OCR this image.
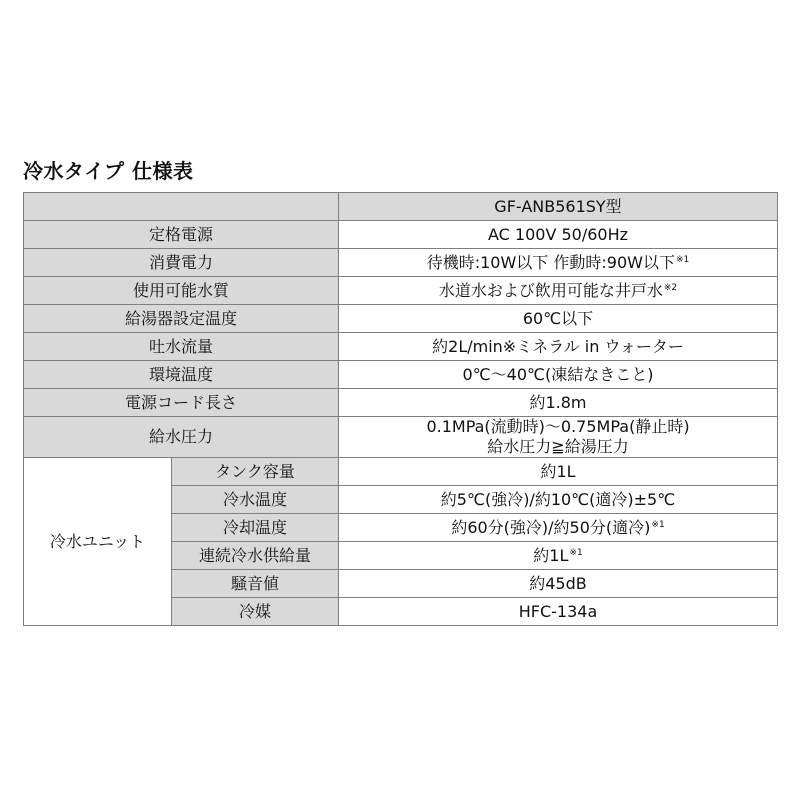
冷水タイプ 仕様表
		GF-ANB561SY型
定格電源		AC 100V 50/60Hz
消費電力		待機時:10W以下 作動時:90W以下$^{※1}$
使用可能水質		水道水および飲用可能な井戸水$^{※2}$
給湯器設定温度		60℃以下
吐水流量		約2L/min※ミネラル in ウォーター
環境温度		0℃〜40℃(凍結なきこと)
電源コード長さ		約1.8m
給水圧力		0.1MPa(流動時)〜0.75MPa(静止時)
給水圧力≧給湯圧力

冷水ユニット	タンク容量	約1L
	冷水温度	約5℃(強冷)/約10℃(適冷)±5℃
	冷却温度	約60分(強冷)/約50分(適冷)$^{※1}$
	連続冷水供給量	約$1L^{※1}$
	騒音値	約45dB
	冷媒	HFC-134a
